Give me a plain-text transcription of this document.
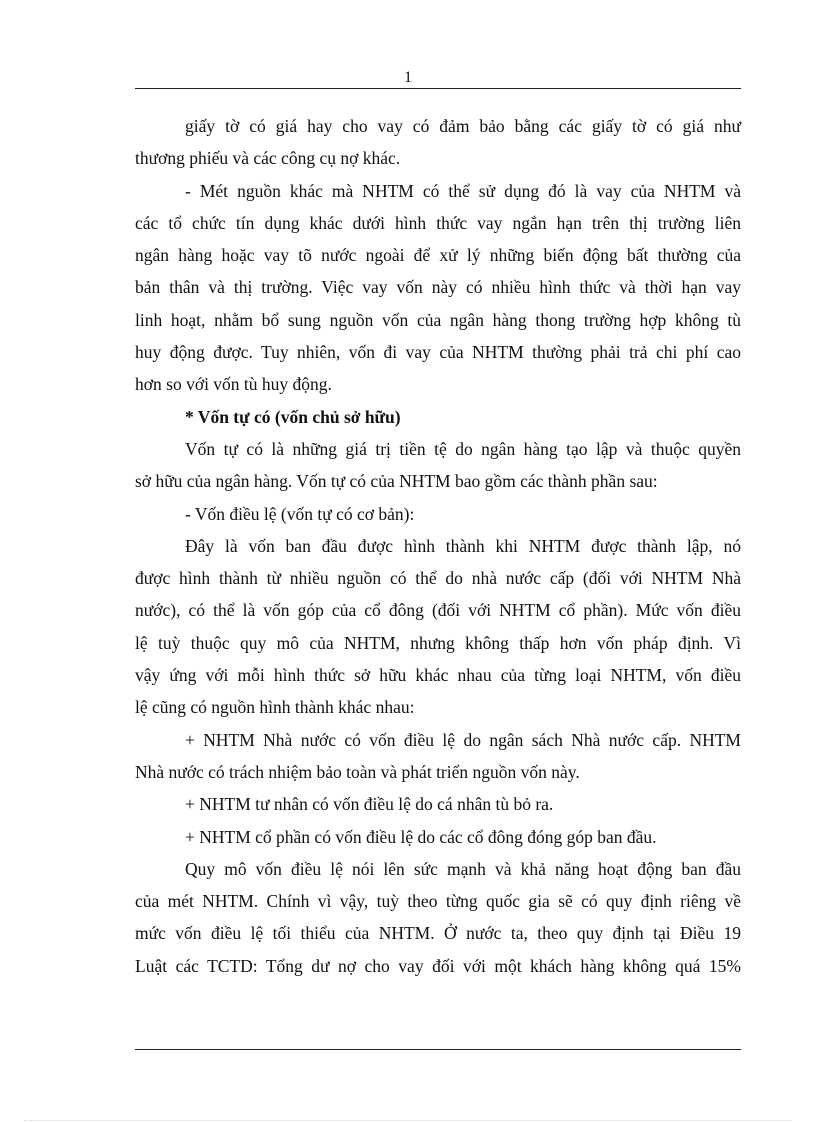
1
giấy tờ có giá hay cho vay có đảm bảo bằng các giấy tờ có giá như
thương phiếu và các công cụ nợ khác.
- Mét nguồn khác mà NHTM có thể sử dụng đó là vay của NHTM và
các tổ chức tín dụng khác dưới hình thức vay ngắn hạn trên thị trường liên
ngân hàng hoặc vay tõ nước ngoài để xử lý những biến động bất thường của
bản thân và thị trường. Việc vay vốn này có nhiều hình thức và thời hạn vay
linh hoạt, nhằm bổ sung nguồn vốn của ngân hàng thong trường hợp không tù
huy động được. Tuy nhiên, vốn đi vay của NHTM thường phải trả chi phí cao
hơn so với vốn tù huy động.
* Vốn tự có (vốn chủ sở hữu)
Vốn tự có là những giá trị tiền tệ do ngân hàng tạo lập và thuộc quyền
sở hữu của ngân hàng. Vốn tự có của NHTM bao gồm các thành phần sau:
- Vốn điều lệ (vốn tự có cơ bản):
Đây là vốn ban đầu được hình thành khi NHTM được thành lập, nó
được hình thành từ nhiều nguồn có thể do nhà nước cấp (đối với NHTM Nhà
nước), có thể là vốn góp của cổ đông (đối với NHTM cổ phần). Mức vốn điều
lệ tuỳ thuộc quy mô của NHTM, nhưng không thấp hơn vốn pháp định. Vì
vậy ứng với mỗi hình thức sở hữu khác nhau của từng loại NHTM, vốn điều
lệ cũng có nguồn hình thành khác nhau:
+ NHTM Nhà nước có vốn điều lệ do ngân sách Nhà nước cấp. NHTM
Nhà nước có trách nhiệm bảo toàn và phát triển nguồn vốn này.
+ NHTM tư nhân có vốn điều lệ do cá nhân tù bỏ ra.
+ NHTM cổ phần có vốn điều lệ do các cổ đông đóng góp ban đầu.
Quy mô vốn điều lệ nói lên sức mạnh và khả năng hoạt động ban đầu
của mét NHTM. Chính vì vậy, tuỳ theo từng quốc gia sẽ có quy định riêng về
mức vốn điều lệ tối thiểu của NHTM. Ở nước ta, theo quy định tại Điều 19
Luật các TCTD: Tổng dư nợ cho vay đối với một khách hàng không quá 15%
